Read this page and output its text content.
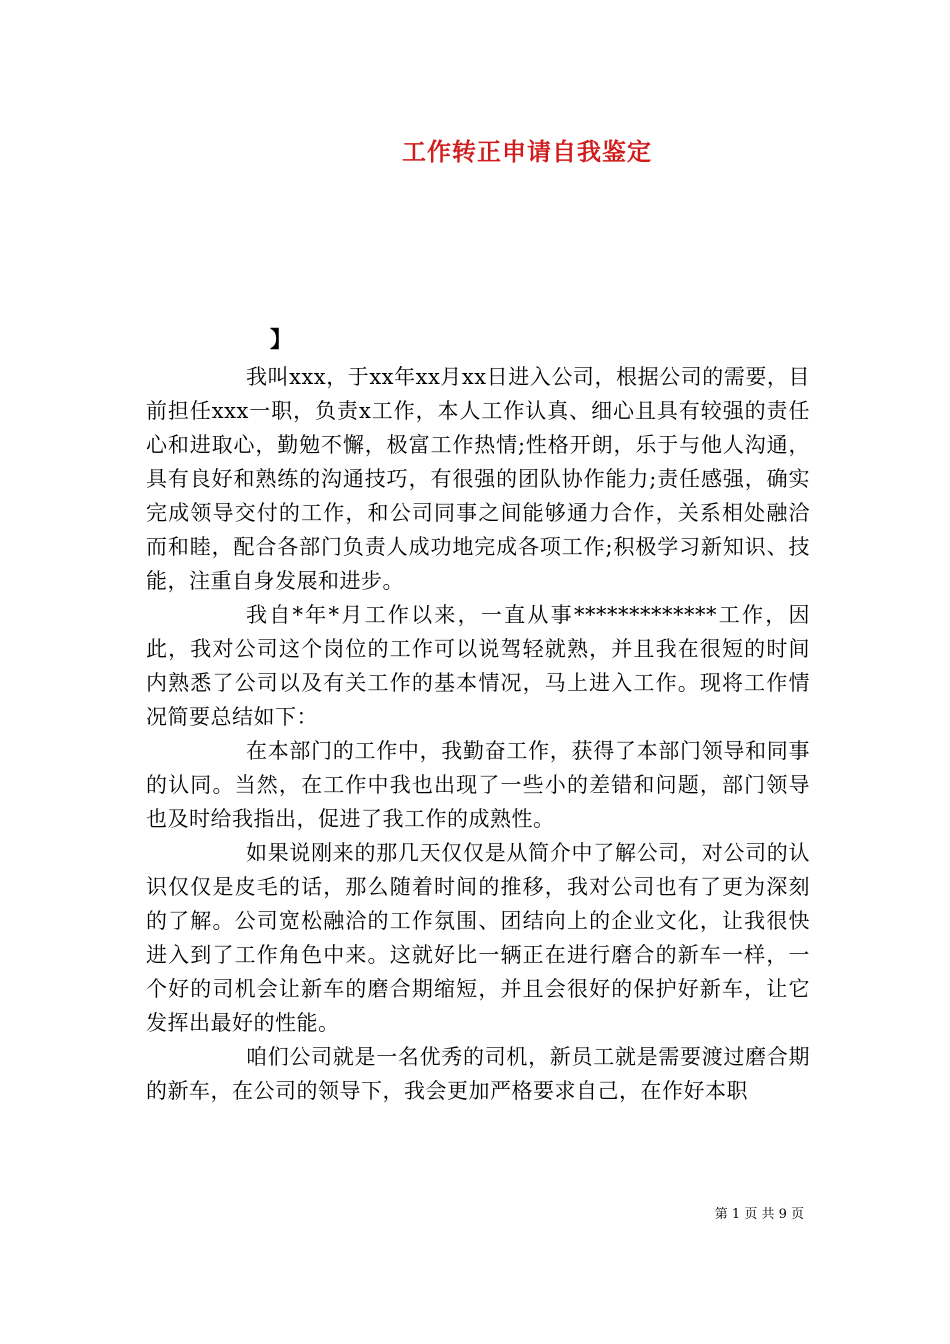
工作转正申请自我鉴定
】

我叫xxx，于xx年xx月xx日进入公司，根据公司的需要，目前担任xxx一职，负责x工作，本人工作认真、细心且具有较强的责任心和进取心，勤勉不懈，极富工作热情;性格开朗，乐于与他人沟通，具有良好和熟练的沟通技巧，有很强的团队协作能力;责任感强，确实完成领导交付的工作，和公司同事之间能够通力合作，关系相处融洽而和睦，配合各部门负责人成功地完成各项工作;积极学习新知识、技能，注重自身发展和进步。

我自*年*月工作以来，一直从事*************工作，因此，我对公司这个岗位的工作可以说驾轻就熟，并且我在很短的时间内熟悉了公司以及有关工作的基本情况，马上进入工作。现将工作情况简要总结如下：

在本部门的工作中，我勤奋工作，获得了本部门领导和同事的认同。当然，在工作中我也出现了一些小的差错和问题，部门领导也及时给我指出，促进了我工作的成熟性。

如果说刚来的那几天仅仅是从简介中了解公司，对公司的认识仅仅是皮毛的话，那么随着时间的推移，我对公司也有了更为深刻的了解。公司宽松融洽的工作氛围、团结向上的企业文化，让我很快进入到了工作角色中来。这就好比一辆正在进行磨合的新车一样，一个好的司机会让新车的磨合期缩短，并且会很好的保护好新车，让它发挥出最好的性能。

咱们公司就是一名优秀的司机，新员工就是需要渡过磨合期的新车，在公司的领导下，我会更加严格要求自己，在作好本职

第 1 页 共 9 页
